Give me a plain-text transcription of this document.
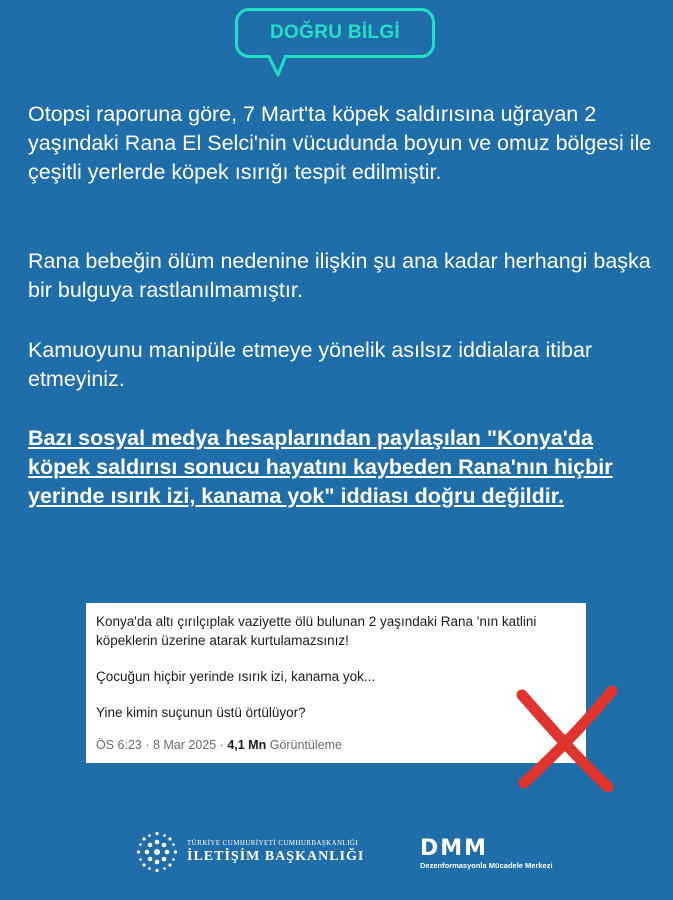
DOĞRU BİLGİ
Otopsi raporuna göre, 7 Mart'ta köpek saldırısına uğrayan 2 yaşındaki Rana El Selci'nin vücudunda boyun ve omuz bölgesi ile çeşitli yerlerde köpek ısırığı tespit edilmiştir.
Rana bebeğin ölüm nedenine ilişkin şu ana kadar herhangi başka bir bulguya rastlanılmamıştır.
Kamuoyunu manipüle etmeye yönelik asılsız iddialara itibar etmeyiniz.
Bazı sosyal medya hesaplarından paylaşılan "Konya'da köpek saldırısı sonucu hayatını kaybeden Rana'nın hiçbir yerinde ısırık izi, kanama yok" iddiası doğru değildir.

Konya'da altı çırılçıplak vaziyette ölü bulunan 2 yaşındaki Rana 'nın katlini köpeklerin üzerine atarak kurtulamazsınız!

Çocuğun hiçbir yerinde ısırık izi, kanama yok...

Yine kimin suçunun üstü örtülüyor?

ÖS 6:23 · 8 Mar 2025 · 4,1 Mn Görüntüleme
TÜRKİYE CUMHURİYETİ CUMHURBAŞKANLIĞI
İLETİŞİM BAŞKANLIĞI	DMM
Dezenformasyonla Mücadele Merkezi
